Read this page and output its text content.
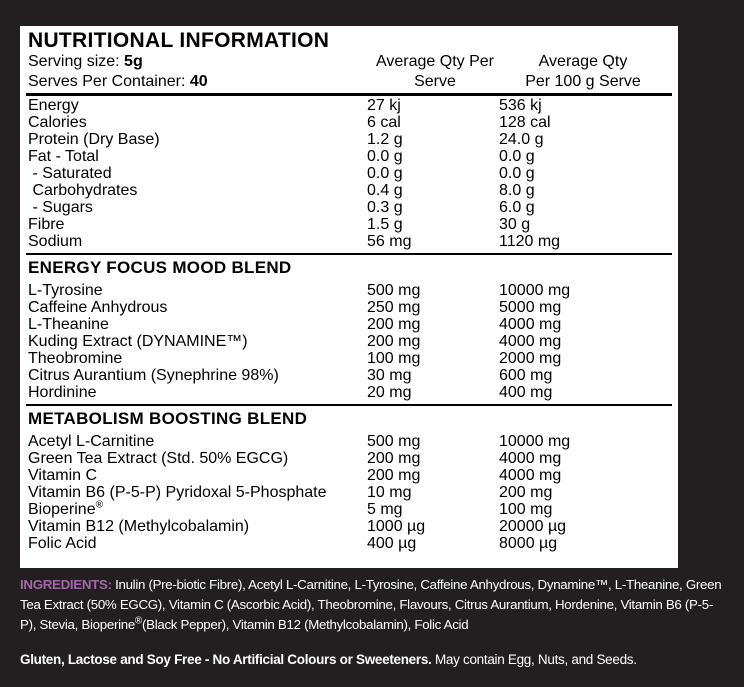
NUTRITIONAL INFORMATION
Serving size: 5g	Average Qty Per	Average Qty
Serves Per Container: 40	Serve	Per 100 g Serve
Energy	27 kj	536 kj
Calories	6 cal	128 cal
Protein (Dry Base)	1.2 g	24.0 g
Fat - Total	0.0 g	0.0 g
- Saturated	0.0 g	0.0 g
Carbohydrates	0.4 g	8.0 g
- Sugars	0.3 g	6.0 g
Fibre	1.5 g	30 g
Sodium	56 mg	1120 mg
ENERGY FOCUS MOOD BLEND
L-Tyrosine	500 mg	10000 mg
Caffeine Anhydrous	250 mg	5000 mg
L-Theanine	200 mg	4000 mg
Kuding Extract (DYNAMINE™)	200 mg	4000 mg
Theobromine	100 mg	2000 mg
Citrus Aurantium (Synephrine 98%)	30 mg	600 mg
Hordinine	20 mg	400 mg
METABOLISM BOOSTING BLEND
Acetyl L-Carnitine	500 mg	10000 mg
Green Tea Extract (Std. 50% EGCG)	200 mg	4000 mg
Vitamin C	200 mg	4000 mg
Vitamin B6 (P-5-P) Pyridoxal 5-Phosphate	10 mg	200 mg
Bioperine®	5 mg	100 mg
Vitamin B12 (Methylcobalamin)	1000 µg	20000 µg
Folic Acid	400 µg	8000 µg
INGREDIENTS: Inulin (Pre-biotic Fibre), Acetyl L-Carnitine, L-Tyrosine, Caffeine Anhydrous, Dynamine™, L-Theanine, Green Tea Extract (50% EGCG), Vitamin C (Ascorbic Acid), Theobromine, Flavours, Citrus Aurantium, Hordenine, Vitamin B6 (P-5-P), Stevia, Bioperine®(Black Pepper), Vitamin B12 (Methylcobalamin), Folic Acid
Gluten, Lactose and Soy Free - No Artificial Colours or Sweeteners. May contain Egg, Nuts, and Seeds.
